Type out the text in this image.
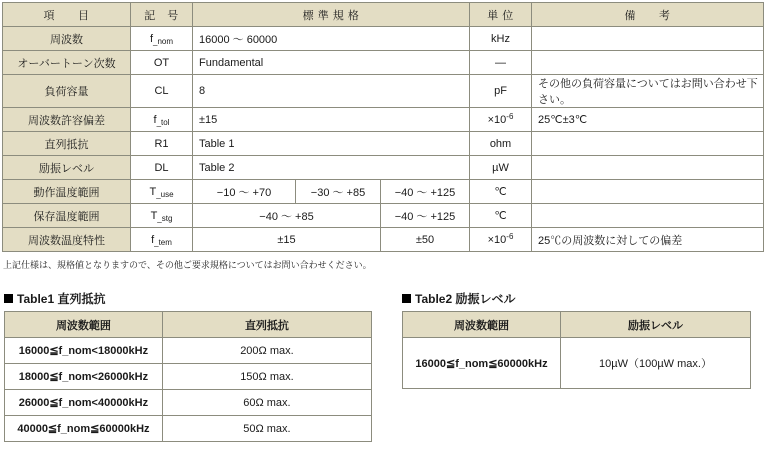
項　　目	記　号	標 準 規 格			単 位	備　　考
周波数	f_nom	16000 ～ 60000			kHz	
オーバートーン次数	OT	Fundamental			—	
負荷容量	CL	8			pF	その他の負荷容量についてはお問い合わせ下さい。
周波数許容偏差	f_tol	±15			$\times 10^{-6}$	25℃±3℃
直列抵抗	R1	Table 1			ohm	
励振レベル	DL	Table 2			µW	
動作温度範囲	T_use	−10 ～ +70	−30 ～ +85	−40 ～ +125	℃	
保存温度範囲	T_stg	−40 ～ +85		−40 ～ +125	℃	
周波数温度特性	f_tem	±15		±50	$\times 10^{-6}$	25℃の周波数に対しての偏差
上記仕様は、規格値となりますので、その他ご要求規格についてはお問い合わせください。
Table1 直列抵抗
周波数範囲	直列抵抗
16000≦f_nom<18000kHz	200Ω max.
18000≦f_nom<26000kHz	150Ω max.
26000≦f_nom<40000kHz	60Ω max.
40000≦f_nom≦60000kHz	50Ω max.
Table2 励振レベル
周波数範囲	励振レベル
16000≦f_nom≦60000kHz	10µW（100µW max.）
